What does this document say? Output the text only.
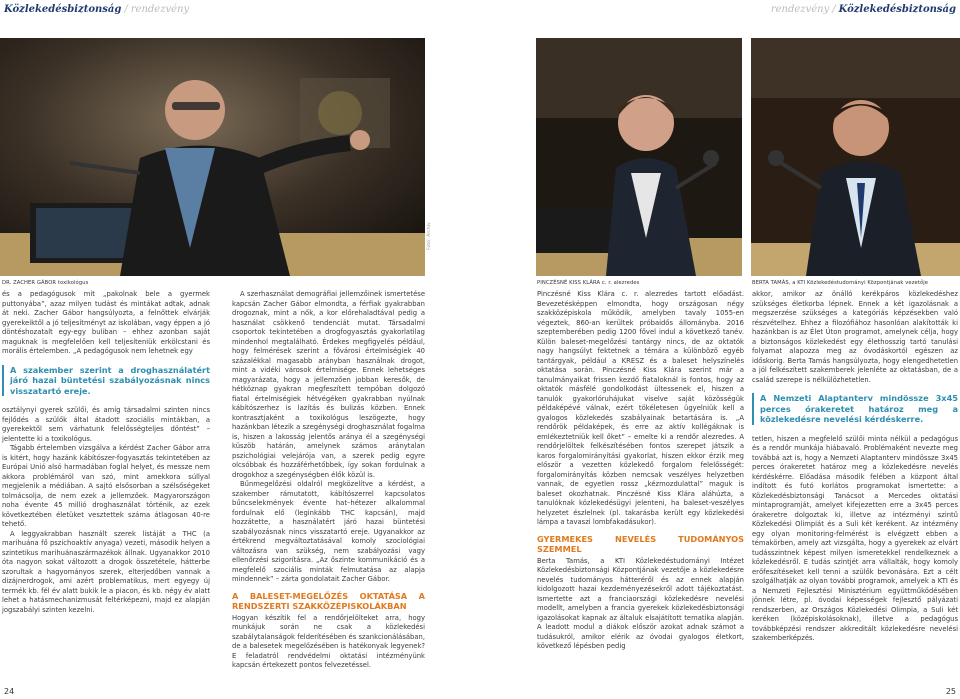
Közlekedésbiztonság / rendezvény	rendezvény / Közlekedésbiztonság
DR. ZACHER GÁBOR toxikológus
Fotó: Archív
PINCZÉSNÉ KISS KLÁRA c. r. alezredes	BERTA TAMÁS, a KTI Közlekedéstudományi Központjának vezetője

és a pedagógusok mit „pakolnak bele a gyermek puttonyába”, azaz milyen tudást és mintákat adtak, adnak át neki. Zacher Gábor hangsúlyozta, a felnőttek elvárják gyerekeiktől a jó teljesítményt az iskolában, vagy éppen a jó döntéshozatalt egy-egy buliban – ehhez azonban saját maguknak is megfelelően kell teljesíteniük erkölcstani és morális értelemben. „A pedagógusok nem lehetnek egy

A szakember szerint a droghasználatért járó hazai büntetési szabályozásnak nincs visszatartó ereje.

osztálynyi gyerek szülői, és amíg társadalmi szinten nincs fejlődés a szülők által átadott szociális mintákban, a gyerekektől sem várhatunk felelősségteljes döntést” – jelentette ki a toxikológus.

Tágabb értelemben vizsgálva a kérdést Zacher Gábor arra is kitért, hogy hazánk kábítószer-fogyasztás tekintetében az Európai Unió alsó harmadában foglal helyet, és messze nem akkora problémáról van szó, mint amekkora súllyal megjelenik a médiában. A sajtó elsősorban a szélsőségeket tolmácsolja, de nem ezek a jellemzőek. Magyarországon noha évente 45 millió droghasználat történik, az ezek következtében életüket vesztettek száma átlagosan 40-re tehető.

A leggyakrabban használt szerek listáját a THC (a marihuána fő pszichoaktív anyaga) vezeti, második helyen a szintetikus marihuánaszármazékok állnak. Ugyanakkor 2010 óta nagyon sokat változott a drogok összetétele, hátterbe szorultak a hagyományos szerek, elterjedőben vannak a dizájnerdrogok, ami azért problematikus, mert egyegy új termék kb. fél év alatt bukik le a piacon, és kb. négy év alatt lehet a hatásmechanizmusát feltérképezni, majd ez alapján jogszabályi szinten kezelni.

A szerhasználat demográfiai jellemzőinek ismertetése kapcsán Zacher Gábor elmondta, a férfiak gyakrabban drogoznak, mint a nők, a kor előrehaladtával pedig a használat csökkenő tendenciát mutat. Társadalmi csoportok tekintetében a drogfogyasztás gyakorlatilag mindenhol megtalálható. Érdekes megfigyelés például, hogy felmérések szerint a fővárosi értelmiségiek 40 százalékkal magasabb arányban használnak drogot, mint a vidéki városok értelmisége. Ennek lehetséges magyarázata, hogy a jellemzően jobban keresők, de hétköznap gyakran megfeszített tempóban dolgozó fiatal értelmiségiek hétvégéken gyakrabban nyúlnak kábítószerhez is lazítás és bulizás közben. Ennek kontrasztjaként a toxikológus leszögezte, hogy hazánkban létezik a szegénységi droghasználat fogalma is, hiszen a lakosság jelentős aránya él a szegénységi küszöb határán, amelynek számos aránytalan pszichológiai velejárója van, a szerek pedig egyre olcsóbbak és hozzáférhetőbbek, így sokan fordulnak a drogokhoz a szegénységben élők közül is.

Bűnmegelőzési oldalról megközelítve a kérdést, a szakember rámutatott, kábítószerrel kapcsolatos bűncselekmények évente hat–hétezer alkalommal fordulnak elő (leginkább THC kapcsán), majd hozzátette, a használatért járó hazai büntetési szabályozásnak nincs visszatartó ereje. Ugyanakkor az értékrend megváltoztatásával komoly szociológiai változásra van szükség, nem szabályozási vagy ellenőrzési szigorításra. „Az őszinte kommunikáció és a megfelelő szociális minták felmutatása az alapja mindennek” – zárta gondolatait Zacher Gábor.

A BALESET-MEGELŐZÉS OKTATÁSA A RENDSZERTI SZAKKÖZÉPISKOLÁKBAN

Hogyan készítik fel a rendőrjelölteket arra, hogy munkájuk során ne csak a közlekedési szabálytalanságok felderítésében és szankcionálásában, de a balesetek megelőzésében is hatékonyak legyenek? E feladatról rendvédelmi oktatási intézményünk kapcsán értekezett pontos felvezetéssel.

Pinczésné Kiss Klára c. r. alezredes tartott előadást. Bevezetésképpen elmondta, hogy országosan négy szakközépiskola működik, amelyben tavaly 1055-en végeztek, 860-an kerültek próbaidős állományba. 2016 szeptemberében pedig 1200 fővel indul a következő tanév. Külön baleset-megelőzési tantárgy nincs, de az oktatók nagy hangsúlyt fektetnek a témára a különböző egyéb tantárgyak, például a KRESZ és a baleset helyszínelés oktatása során. Pinczésné Kiss Klára szerint már a tanulmányaikat frissen kezdő fiataloknál is fontos, hogy az oktatók másfélé gondolkodást ültessenek el, hiszen a tanulók gyakorlóruhájukat viselve saját közösségük példaképévé válnak, ezért tökéletesen ügyelniük kell a gyalogos közlekedés szabályainak betartására is. „A rendőrök példaképek, és erre az aktív kollégáknak is emlékeztetniük kell őket” – emelte ki a rendőr alezredes. A rendőrjelöltek felkészítésében fontos szerepet játszik a karos forgalomirányítási gyakorlat, hiszen ekkor érzik meg először a vezetten közlekedő forgalom felelősségét: forgalomirányítás közben nemcsak veszélyes helyzetben vannak, de egyetlen rossz „kézmozdulattal” maguk is baleset okozhatnak. Pinczésné Kiss Klára aláhúzta, a tanulóknak közlekedésügyi jelenteni, ha baleset-veszélyes helyzetet észlelnek (pl. takarásba került egy közlekedési lámpa a tavaszi lombfakadásukor).

GYERMEKES NEVELÉS TUDOMÁNYOS SZEMMEL

Berta Tamás, a KTI Közlekedéstudományi Intézet Közlekedésbiztonsági Központjának vezetője a közlekedésre nevelés tudományos hátteréről és az ennek alapján kidolgozott hazai kezdeményezésekről adott tájékoztatást. Ismertette azt a franciaországi közlekedésre nevelési modellt, amelyben a francia gyerekek közlekedésbiztonsági igazolásokat kapnak az általuk elsajátított tematika alapján. A leadott modul a diákok először azokat adnak számot a tudásukról, amikor elérik az óvodai gyalogos életkort, következő lépésben pedig

akkor, amikor az önálló kerékpáros közlekedéshez szükséges életkorba lépnek. Ennek a két igazolásnak a megszerzése szükséges a kategóriás képzésekben való részvételhez. Ehhez a filozófiához hasonlóan alakították ki hazánkban is az Élet Úton programot, amelynek célja, hogy a biztonságos közlekedést egy élethosszig tartó tanulási folyamat alapozza meg az óvodáskortól egészen az időskorig. Berta Tamás hangsúlyozta, hogy elengedhetetlen a jól felkészített szakemberek jelenléte az oktatásban, de a család szerepe is nélkülözhetetlen.

A Nemzeti Alaptanterv mindössze 3x45 perces órakeretet határoz meg a közlekedésre nevelési kérdéskerre.

tetlen, hiszen a megfelelő szülői minta nélkül a pedagógus és a rendőr munkája hiábavaló. Problémaként nevezte meg továbbá azt is, hogy a Nemzeti Alaptanterv mindössze 3x45 perces órakeretet határoz meg a közlekedésre nevelés kérdéskérre. Előadása második felében a központ által indított és futó korlátos programokat ismertette: a Közlekedésbiztonsági Tanácsot a Mercedes oktatási mintaprogramját, amelyet kifejezetten erre a 3x45 perces órakeretre dolgoztak ki, illetve az intézményi szintű Közlekedési Olimpiát és a Suli két kerékent. Az intézmény egy olyan monitoring-felmérést is elvégzett ebben a témakörben, amely azt vizsgálta, hogy a gyerekek az elvárt tudásszintnek képest milyen ismeretekkel rendelkeznek a közlekedésről. E tudás szintjét arra vállalták, hogy komoly erőfeszítéseket kell tenni a szülők bevonására. Ezt a célt szolgálhatják az olyan további programok, amelyek a KTI és a Nemzeti Fejlesztési Minisztérium együttműködésében jönnek létre, pl. óvodai képességek fejlesztő pályázati rendszerben, az Országos Közlekedési Olimpia, a Suli két keréken (középiskolásoknak), illetve a pedagógus továbbképzési rendszer akkreditált közlekedésre nevelési szakemberképzés.

24	25
